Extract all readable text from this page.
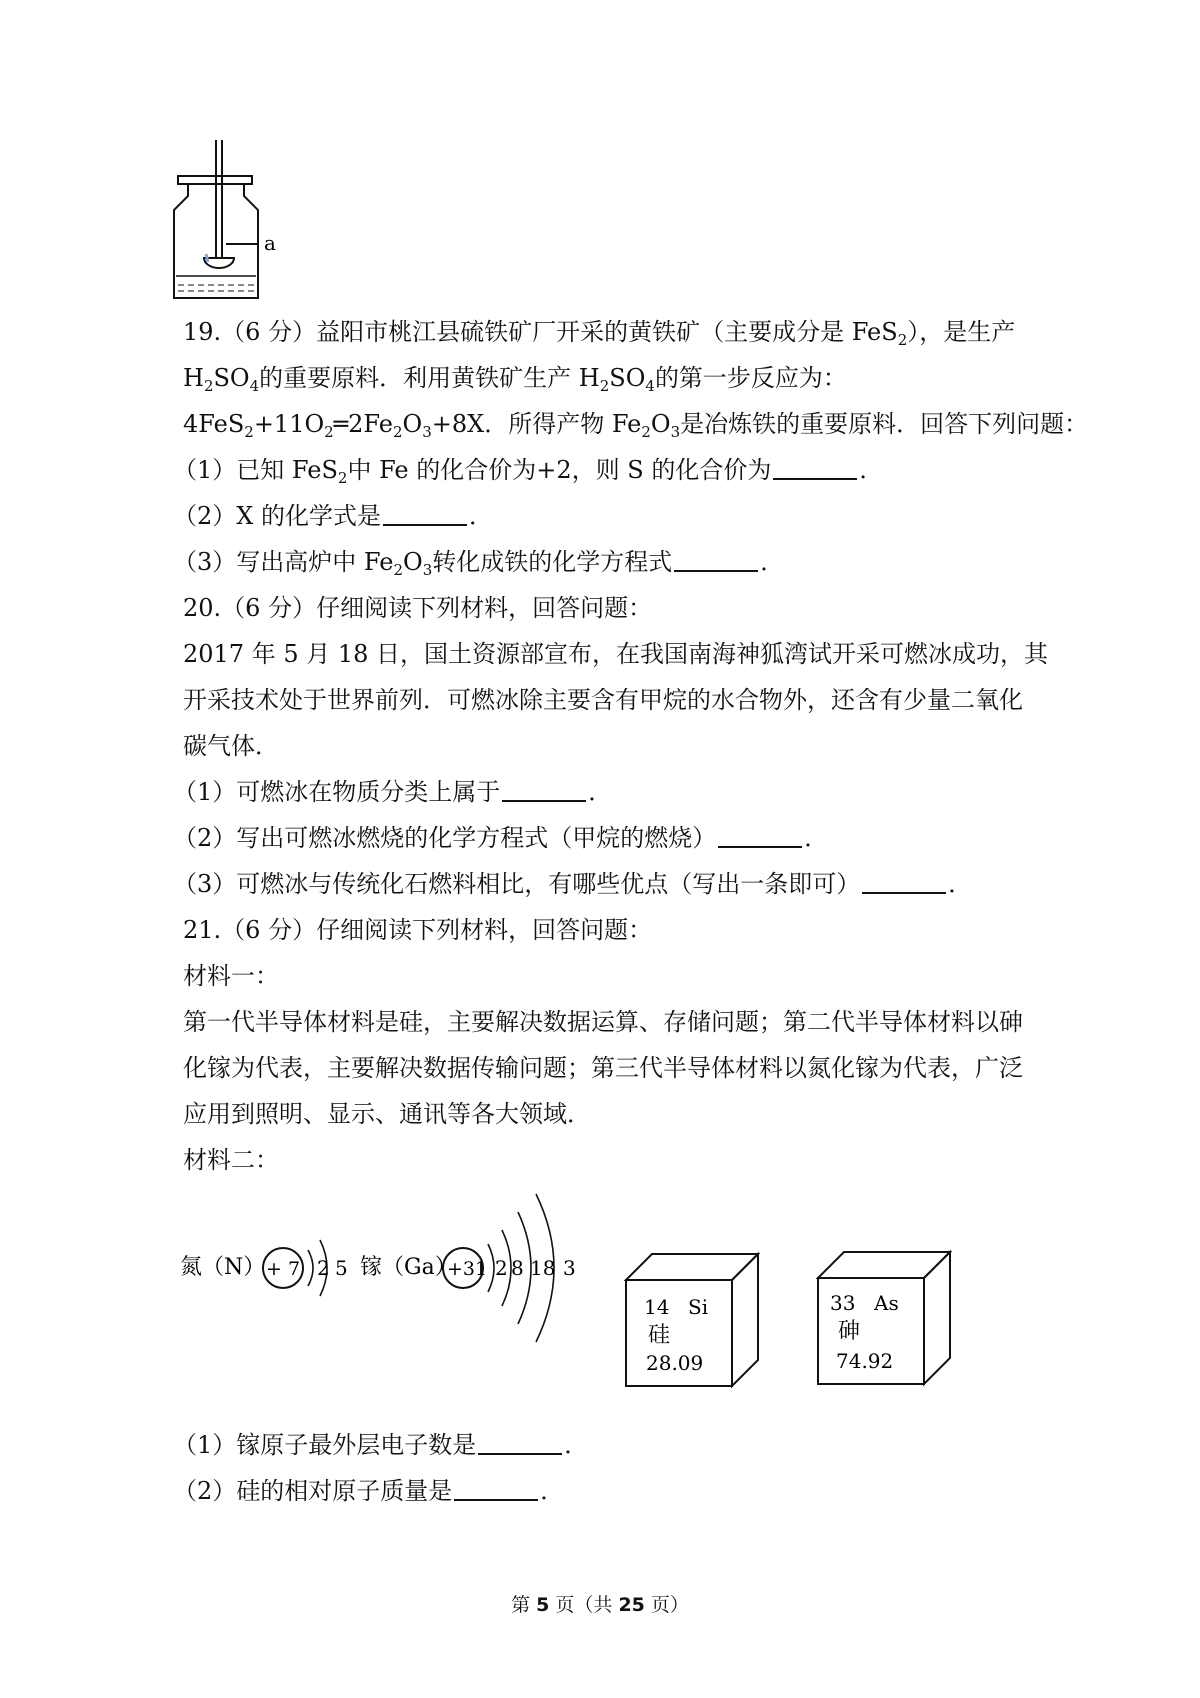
a
19.（6 分）益阳市桃江县硫铁矿厂开采的黄铁矿（主要成分是 FeS$_2$），是生产
$H_2SO_4$的重要原料．利用黄铁矿生产 $H_2SO_4$的第一步反应为：
$4FeS_2+11O_2═2Fe_2O_3+8X$．所得产物 $Fe_2O_3$是冶炼铁的重要原料．回答下列问题：
（1）已知 FeS$_2$中 Fe 的化合价为+2，则 S 的化合价为	．
（2）X 的化学式是	．
（3）写出高炉中 $Fe_2O_3$转化成铁的化学方程式	．
20.（6 分）仔细阅读下列材料，回答问题：
2017 年 5 月 18 日，国土资源部宣布，在我国南海神狐湾试开采可燃冰成功，其
开采技术处于世界前列．可燃冰除主要含有甲烷的水合物外，还含有少量二氧化
碳气体．
（1）可燃冰在物质分类上属于	．
（2）写出可燃冰燃烧的化学方程式（甲烷的燃烧）	．
（3）可燃冰与传统化石燃料相比，有哪些优点（写出一条即可）	．
21.（6 分）仔细阅读下列材料，回答问题：
材料一：
第一代半导体材料是硅，主要解决数据运算、存储问题；第二代半导体材料以砷
化镓为代表，主要解决数据传输问题；第三代半导体材料以氮化镓为代表，广泛
应用到照明、显示、通讯等各大领域．
材料二：
氮（N） + 7 2 5 镓（Ga）
+31 2 8 18 3
14 Si
硅
28.09
33 As
砷
74.92
（1）镓原子最外层电子数是	．
（2）硅的相对原子质量是	．
第 5 页（共 25 页）
